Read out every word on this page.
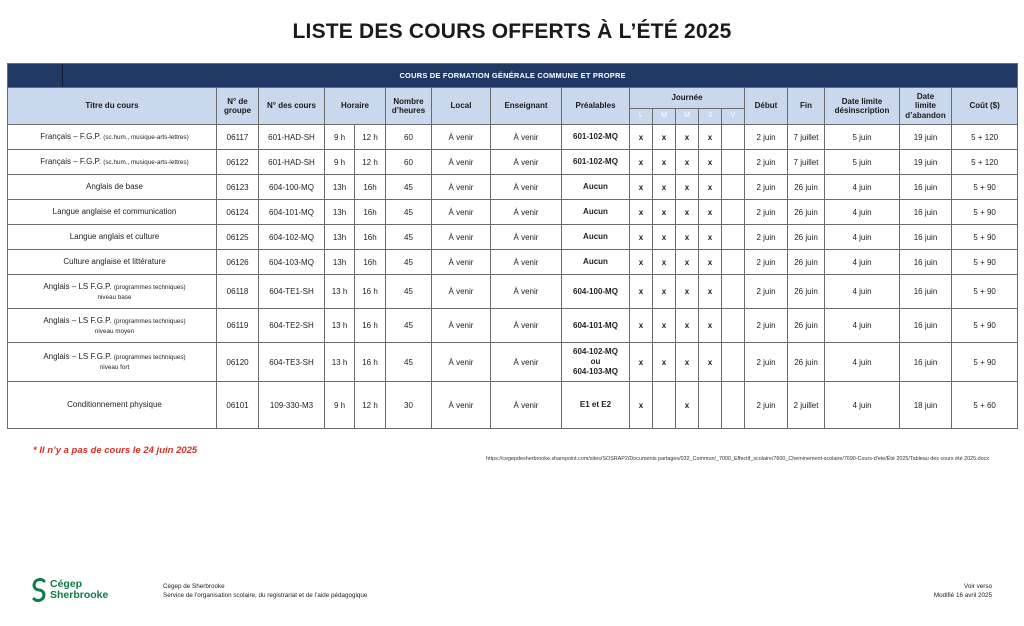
LISTE DES COURS OFFERTS À L’ÉTÉ 2025
COURS DE FORMATION GÉNÉRALE COMMUNE ET PROPRE																		
Titre du cours	N° de
groupe	N° des cours	Horaire		Nombre
d’heures	Local	Enseignant	Préalables	Journée					Début	Fin	Date limite
désinscription	Date
limite
d’abandon	Coût ($)
									L	M	M	J	V					
Français – F.G.P. (sc.hum., musique-arts-lettres)	06117	601-HAD-SH	9 h	12 h	60	À venir	À venir	601-102-MQ	x	x	x	x		2 juin	7 juillet	5 juin	19 juin	5 + 120
Français – F.G.P. (sc.hum., musique-arts-lettres)	06122	601-HAD-SH	9 h	12 h	60	À venir	À venir	601-102-MQ	x	x	x	x		2 juin	7 juillet	5 juin	19 juin	5 + 120
Anglais de base	06123	604-100-MQ	13h	16h	45	À venir	À venir	Aucun	x	x	x	x		2 juin	26 juin	4 juin	16 juin	5 + 90
Langue anglaise et communication	06124	604-101-MQ	13h	16h	45	À venir	À venir	Aucun	x	x	x	x		2 juin	26 juin	4 juin	16 juin	5 + 90
Langue anglais et culture	06125	604-102-MQ	13h	16h	45	À venir	À venir	Aucun	x	x	x	x		2 juin	26 juin	4 juin	16 juin	5 + 90
Culture anglaise et littérature	06126	604-103-MQ	13h	16h	45	À venir	À venir	Aucun	x	x	x	x		2 juin	26 juin	4 juin	16 juin	5 + 90
Anglais – LS F.G.P. (programmes techniques)
niveau base	06118	604-TE1-SH	13 h	16 h	45	À venir	À venir	604-100-MQ	x	x	x	x		2 juin	26 juin	4 juin	16 juin	5 + 90
Anglais – LS F.G.P. (programmes techniques)
niveau moyen	06119	604-TE2-SH	13 h	16 h	45	À venir	À venir	604-101-MQ	x	x	x	x		2 juin	26 juin	4 juin	16 juin	5 + 90
Anglais – LS F.G.P. (programmes techniques)
niveau fort	06120	604-TE3-SH	13 h	16 h	45	À venir	À venir	604-102-MQ
ou
604-103-MQ	x	x	x	x		2 juin	26 juin	4 juin	16 juin	5 + 90
Conditionnement physique	06101	109-330-M3	9 h	12 h	30	À venir	À venir	E1 et E2	x		x			2 juin	2 juillet	4 juin	18 juin	5 + 60
* Il n’y a pas de cours le 24 juin 2025
https://cegepdesherbrooke.sharepoint.com/sites/SOSRAP2/Documents partages/032_Commun/_7000_Effectif_scolaire/7600_Cheminement-scolaire/7690-Cours-d'ete/Été 2025/Tableau des cours été 2025.docx
Cégep
Sherbrooke
Cégep de Sherbrooke
Service de l’organisation scolaire, du registrariat et de l’aide pédagogique
Voir verso
Modifié 16 avril 2025
